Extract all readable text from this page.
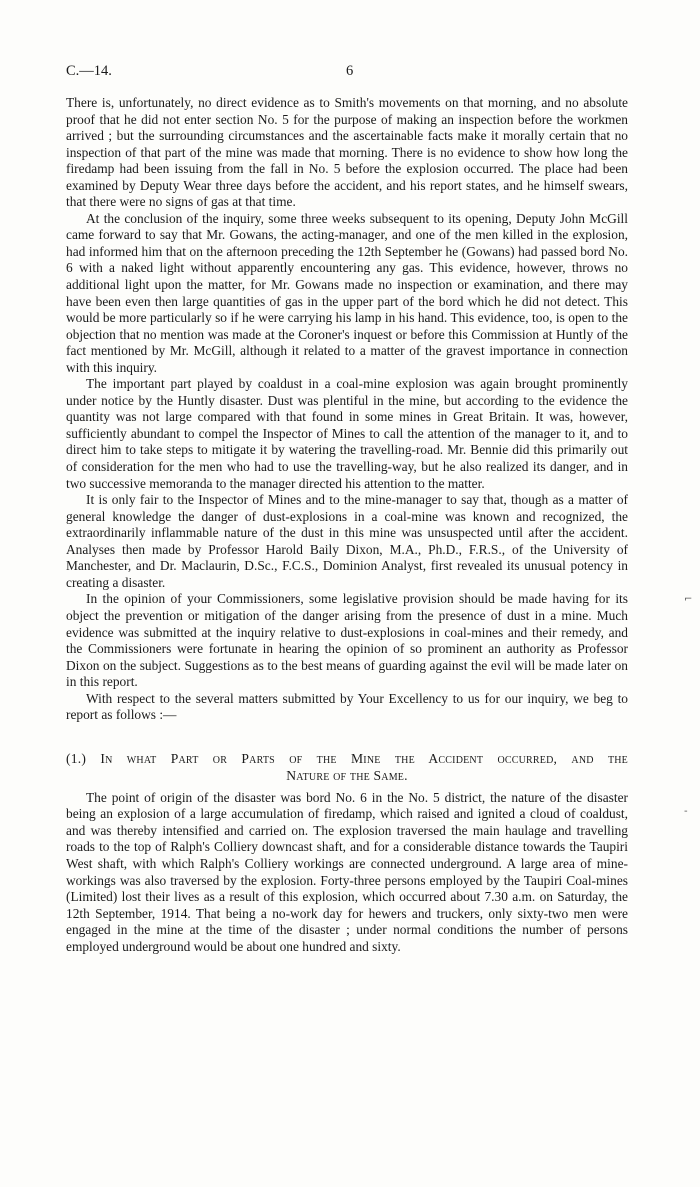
C.—14.	6

There is, unfortunately, no direct evidence as to Smith's movements on that morning, and no absolute proof that he did not enter section No. 5 for the purpose of making an inspection before the workmen arrived ; but the surrounding circumstances and the ascertainable facts make it morally certain that no inspection of that part of the mine was made that morning. There is no evidence to show how long the firedamp had been issuing from the fall in No. 5 before the explosion occurred. The place had been examined by Deputy Wear three days before the accident, and his report states, and he himself swears, that there were no signs of gas at that time.

At the conclusion of the inquiry, some three weeks subsequent to its opening, Deputy John McGill came forward to say that Mr. Gowans, the acting-manager, and one of the men killed in the explosion, had informed him that on the afternoon preceding the 12th September he (Gowans) had passed bord No. 6 with a naked light without apparently encountering any gas. This evidence, however, throws no additional light upon the matter, for Mr. Gowans made no inspection or examination, and there may have been even then large quantities of gas in the upper part of the bord which he did not detect. This would be more particularly so if he were carrying his lamp in his hand. This evidence, too, is open to the objection that no mention was made at the Coroner's inquest or before this Commission at Huntly of the fact mentioned by Mr. McGill, although it related to a matter of the gravest importance in connection with this inquiry.

The important part played by coaldust in a coal-mine explosion was again brought prominently under notice by the Huntly disaster. Dust was plentiful in the mine, but according to the evidence the quantity was not large compared with that found in some mines in Great Britain. It was, however, sufficiently abundant to compel the Inspector of Mines to call the attention of the manager to it, and to direct him to take steps to mitigate it by watering the travelling-road. Mr. Bennie did this primarily out of consideration for the men who had to use the travelling-way, but he also realized its danger, and in two successive memoranda to the manager directed his attention to the matter.

It is only fair to the Inspector of Mines and to the mine-manager to say that, though as a matter of general knowledge the danger of dust-explosions in a coal-mine was known and recognized, the extraordinarily inflammable nature of the dust in this mine was unsuspected until after the accident. Analyses then made by Professor Harold Baily Dixon, M.A., Ph.D., F.R.S., of the University of Manchester, and Dr. Maclaurin, D.Sc., F.C.S., Dominion Analyst, first revealed its unusual potency in creating a disaster.

In the opinion of your Commissioners, some legislative provision should be made having for its object the prevention or mitigation of the danger arising from the presence of dust in a mine. Much evidence was submitted at the inquiry relative to dust-explosions in coal-mines and their remedy, and the Commissioners were fortunate in hearing the opinion of so prominent an authority as Professor Dixon on the subject. Suggestions as to the best means of guarding against the evil will be made later on in this report.

With respect to the several matters submitted by Your Excellency to us for our inquiry, we beg to report as follows :—

(1.) In what Part or Parts of the Mine the Accident occurred, and the
Nature of the Same.

The point of origin of the disaster was bord No. 6 in the No. 5 district, the nature of the disaster being an explosion of a large accumulation of firedamp, which raised and ignited a cloud of coaldust, and was thereby intensified and carried on. The explosion traversed the main haulage and travelling roads to the top of Ralph's Colliery downcast shaft, and for a considerable distance towards the Taupiri West shaft, with which Ralph's Colliery workings are connected underground. A large area of mine-workings was also traversed by the explosion. Forty-three persons employed by the Taupiri Coal-mines (Limited) lost their lives as a result of this explosion, which occurred about 7.30 a.m. on Saturday, the 12th September, 1914. That being a no-work day for hewers and truckers, only sixty-two men were engaged in the mine at the time of the disaster ; under normal conditions the number of persons employed underground would be about one hundred and sixty.

⌐
-
